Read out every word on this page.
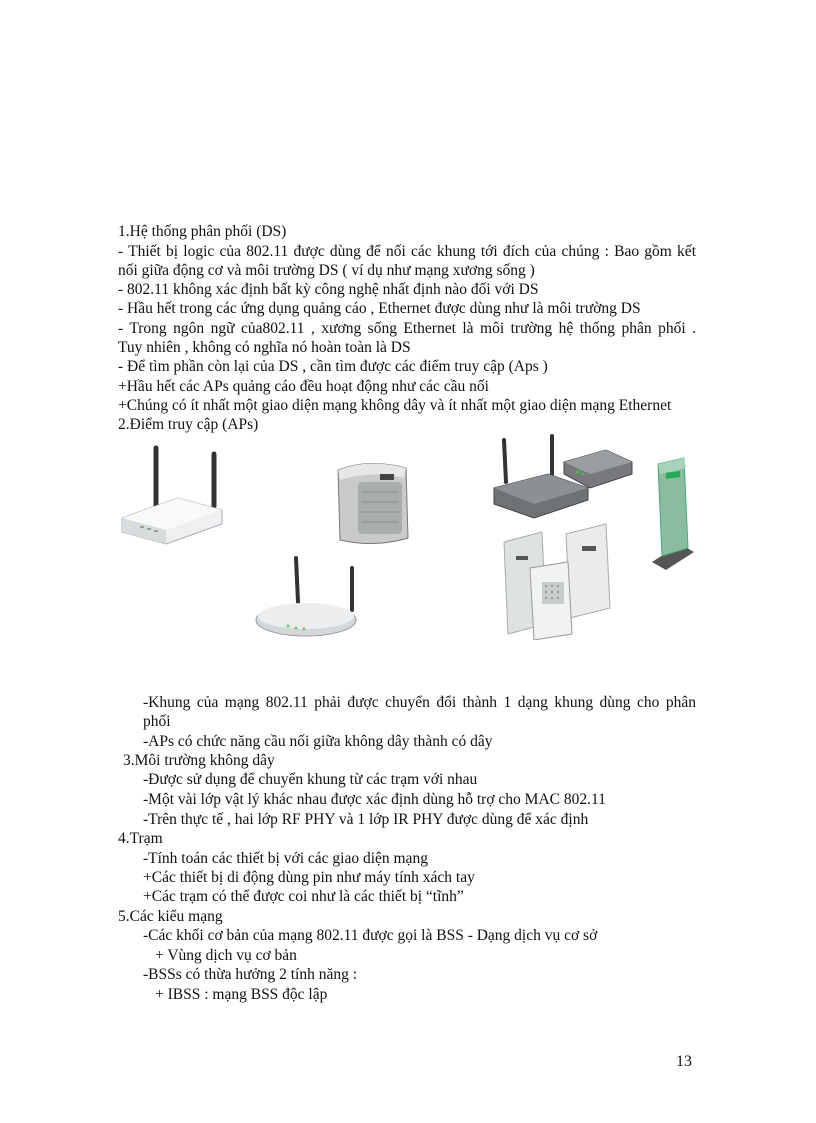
1.Hệ thống phân phối (DS)
- Thiết bị logic của 802.11 được dùng để nối các khung tới đích của chúng : Bao gồm kết
nối giữa động cơ và môi trường DS ( ví dụ như mạng xương sống )
- 802.11 không xác định bất kỳ công nghệ nhất định nào đối với DS
- Hầu hết trong các ứng dụng quảng cáo , Ethernet được dùng như là môi trường DS
- Trong ngôn ngữ của802.11 , xương sống Ethernet là môi trường hệ thống phân phối .
Tuy nhiên , không có nghĩa nó hoàn toàn là DS
- Để tìm phần còn lại của DS , cần tìm được các điểm truy cập (Aps )
+Hầu hết các APs quảng cáo đều hoạt động như các cầu nối
+Chúng có ít nhất một giao diện mạng không dây và ít nhất một giao diện mạng Ethernet
2.Điểm truy cập (APs)
-Khung của mạng 802.11 phải được chuyển đổi thành 1 dạng khung dùng cho phân
phối
-APs có chức năng cầu nối giữa không dây thành có dây
3.Môi trường không dây
-Được sử dụng để chuyển khung từ các trạm với nhau
-Một vài lớp vật lý khác nhau được xác định dùng hỗ trợ cho MAC 802.11
-Trên thực tế , hai lớp RF PHY và 1 lớp IR PHY được dùng để xác định
4.Trạm
-Tính toán các thiết bị với các giao diện mạng
+Các thiết bị di động dùng pin như máy tính xách tay
+Các trạm có thể được coi như là các thiết bị “tĩnh”
5.Các kiểu mạng
-Các khối cơ bản của mạng 802.11 được gọi là BSS - Dạng dịch vụ cơ sở
+ Vùng dịch vụ cơ bản
-BSSs có thừa hưởng 2 tính năng :
+ IBSS : mạng BSS độc lập
13
